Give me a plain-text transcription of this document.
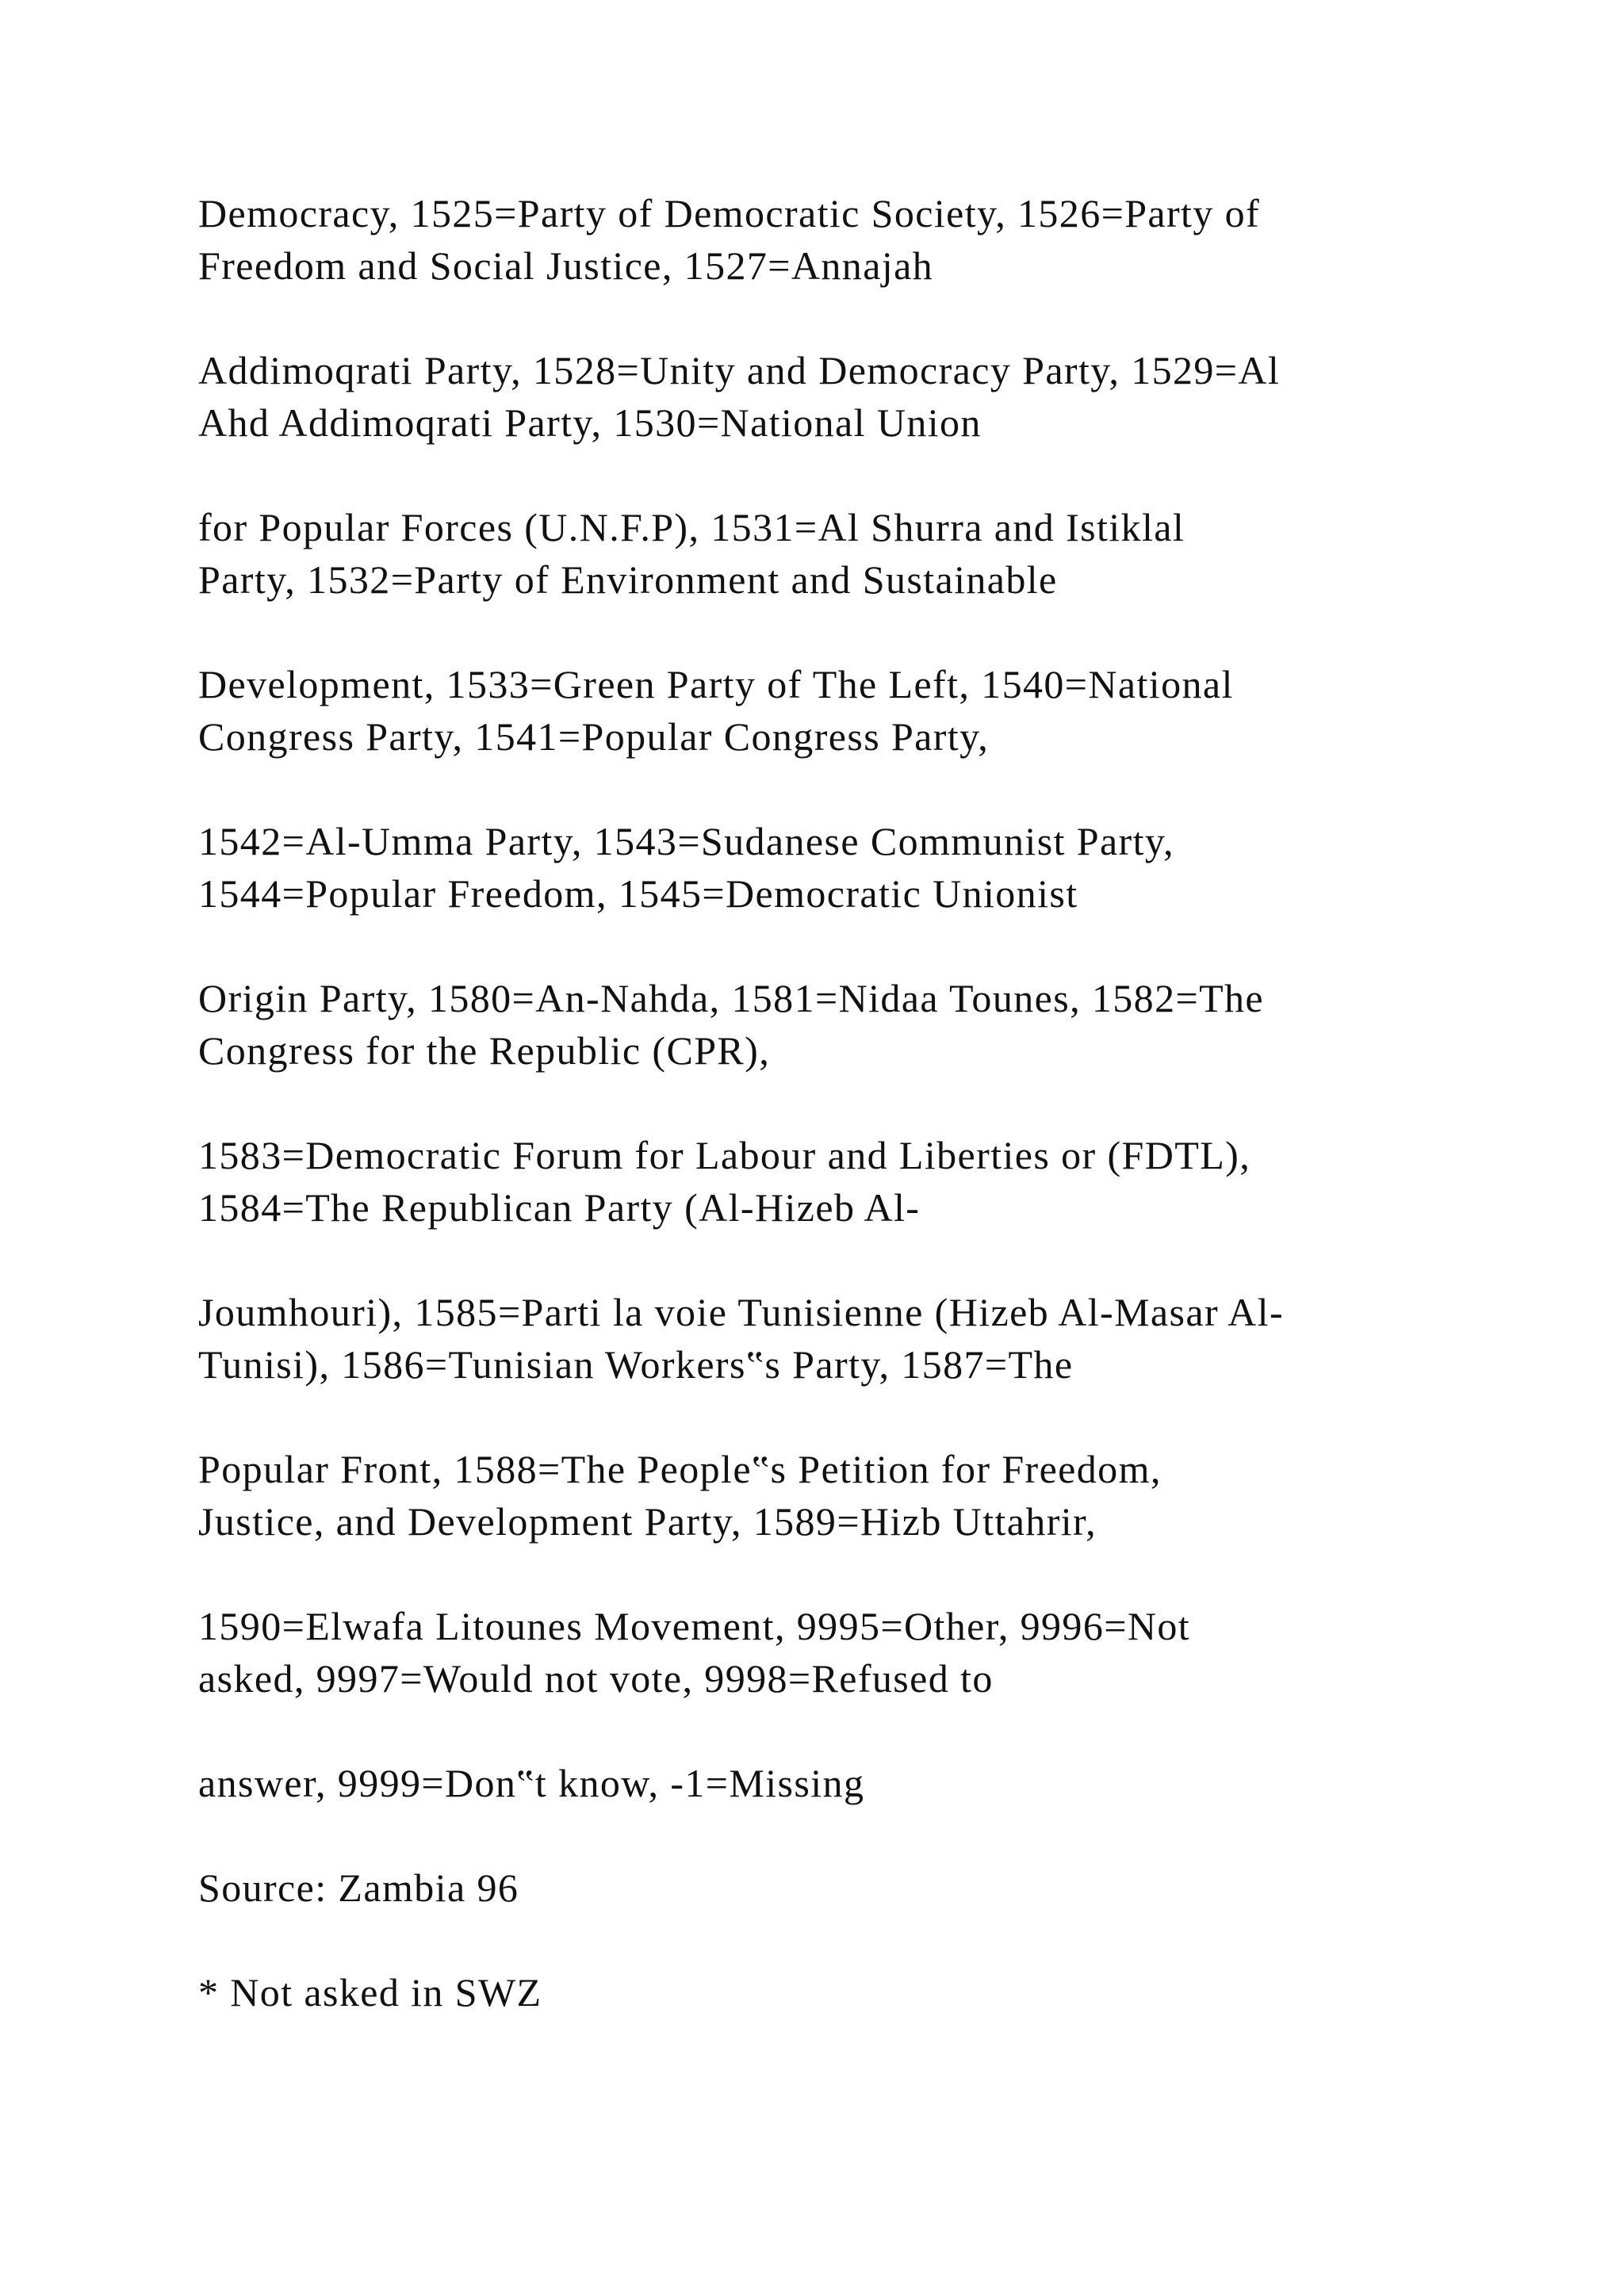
Democracy, 1525=Party of Democratic Society, 1526=Party of
Freedom and Social Justice, 1527=Annajah

Addimoqrati Party, 1528=Unity and Democracy Party, 1529=Al
Ahd Addimoqrati Party, 1530=National Union

for Popular Forces (U.N.F.P), 1531=Al Shurra and Istiklal
Party, 1532=Party of Environment and Sustainable

Development, 1533=Green Party of The Left, 1540=National
Congress Party, 1541=Popular Congress Party,

1542=Al-Umma Party, 1543=Sudanese Communist Party,
1544=Popular Freedom, 1545=Democratic Unionist

Origin Party, 1580=An-Nahda, 1581=Nidaa Tounes, 1582=The
Congress for the Republic (CPR),

1583=Democratic Forum for Labour and Liberties or (FDTL),
1584=The Republican Party (Al-Hizeb Al-

Joumhouri), 1585=Parti la voie Tunisienne (Hizeb Al-Masar Al-
Tunisi), 1586=Tunisian Workers‟s Party, 1587=The

Popular Front, 1588=The People‟s Petition for Freedom,
Justice, and Development Party, 1589=Hizb Uttahrir,

1590=Elwafa Litounes Movement, 9995=Other, 9996=Not
asked, 9997=Would not vote, 9998=Refused to

answer, 9999=Don‟t know, -1=Missing

Source: Zambia 96

* Not asked in SWZ
